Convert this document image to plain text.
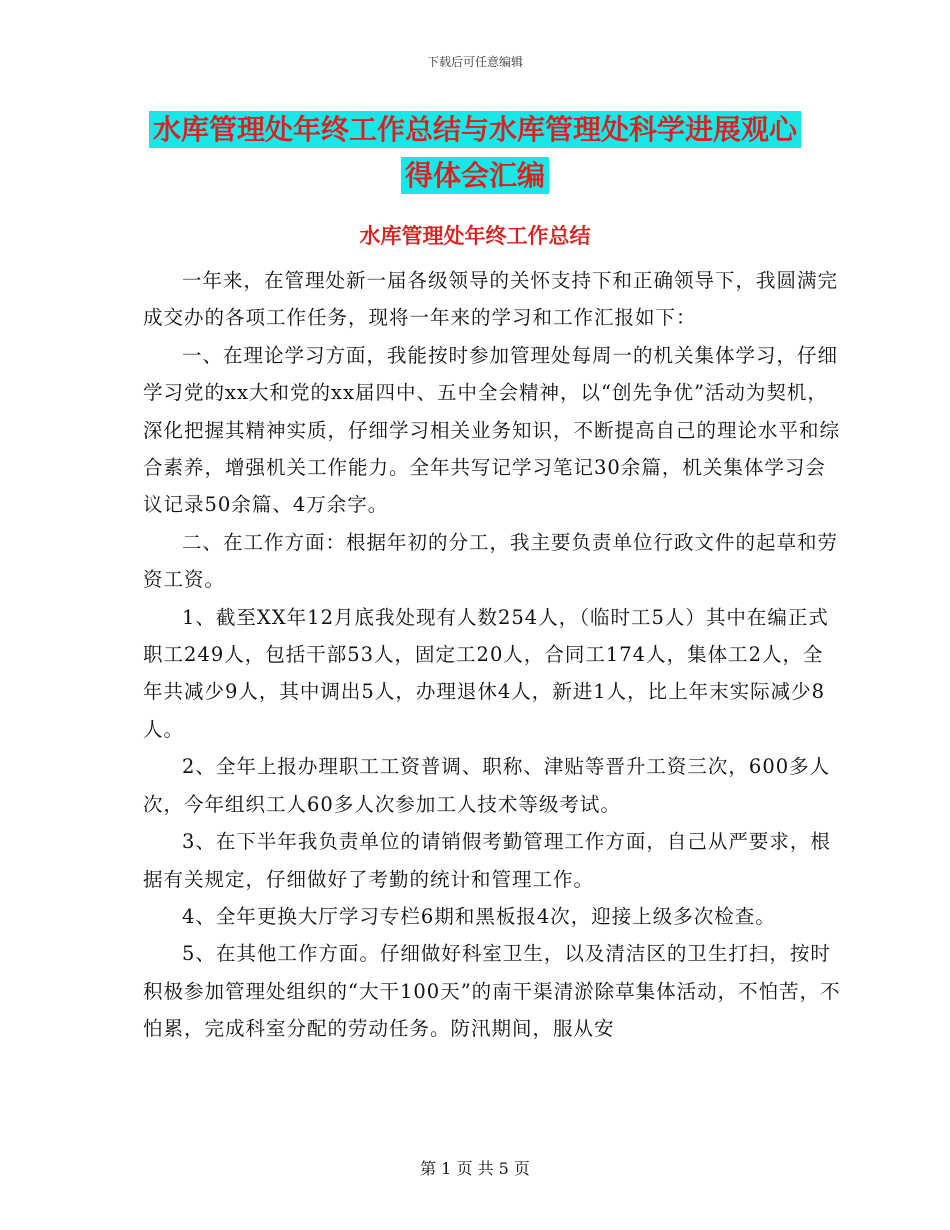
下载后可任意编辑
水库管理处年终工作总结与水库管理处科学进展观心
得体会汇编
水库管理处年终工作总结

一年来，在管理处新一届各级领导的关怀支持下和正确领导下，我圆满完成交办的各项工作任务，现将一年来的学习和工作汇报如下：

一、在理论学习方面，我能按时参加管理处每周一的机关集体学习，仔细学习党的xx大和党的xx届四中、五中全会精神，以“创先争优”活动为契机，深化把握其精神实质，仔细学习相关业务知识，不断提高自己的理论水平和综合素养，增强机关工作能力。全年共写记学习笔记30余篇，机关集体学习会议记录50余篇、4万余字。

二、在工作方面：根据年初的分工，我主要负责单位行政文件的起草和劳资工资。

1、截至XX年12月底我处现有人数254人，（临时工5人）其中在编正式职工249人，包括干部53人，固定工20人，合同工174人，集体工2人，全年共减少9人，其中调出5人，办理退休4人，新进1人，比上年末实际减少8人。

2、全年上报办理职工工资普调、职称、津贴等晋升工资三次，600多人次，今年组织工人60多人次参加工人技术等级考试。

3、在下半年我负责单位的请销假考勤管理工作方面，自己从严要求，根据有关规定，仔细做好了考勤的统计和管理工作。

4、全年更换大厅学习专栏6期和黑板报4次，迎接上级多次检查。

5、在其他工作方面。仔细做好科室卫生，以及清洁区的卫生打扫，按时积极参加管理处组织的“大干100天”的南干渠清淤除草集体活动，不怕苦，不怕累，完成科室分配的劳动任务。防汛期间，服从安

第 1 页 共 5 页
